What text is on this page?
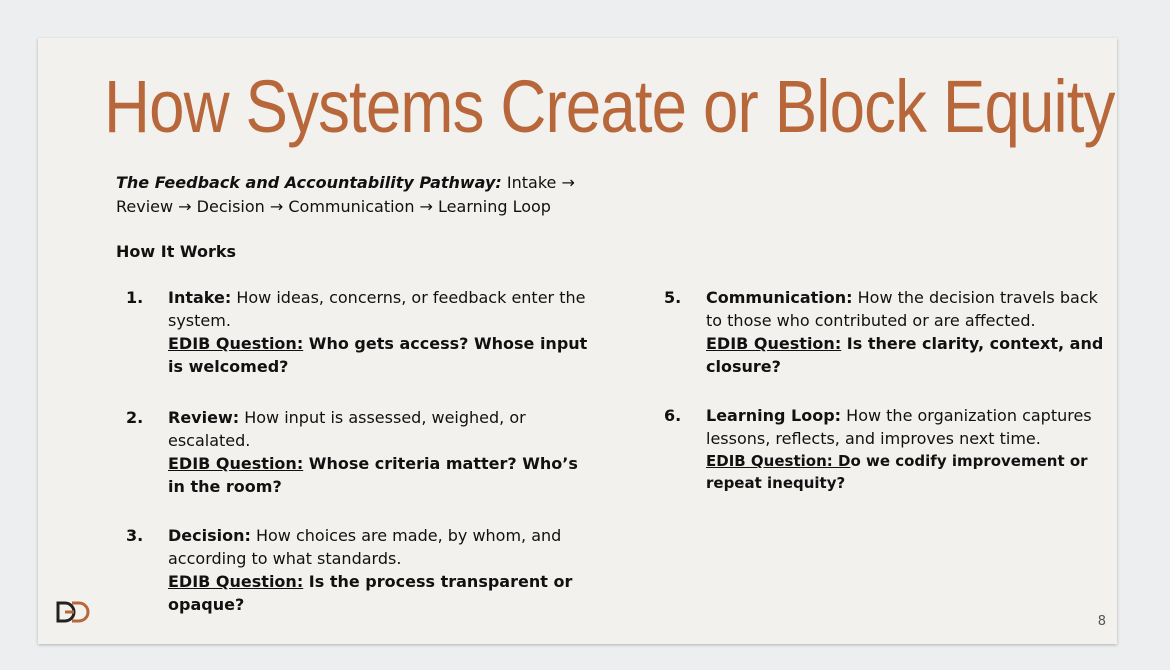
How Systems Create or Block Equity
The Feedback and Accountability Pathway: Intake → Review → Decision → Communication → Learning Loop
How It Works
1. Intake: How ideas, concerns, or feedback enter the system.
EDIB Question: Who gets access? Whose input is welcomed?
2. Review: How input is assessed, weighed, or escalated.
EDIB Question: Whose criteria matter? Who’s in the room?
3. Decision: How choices are made, by whom, and according to what standards.
EDIB Question: Is the process transparent or opaque?
5. Communication: How the decision travels back to those who contributed or are affected.
EDIB Question: Is there clarity, context, and closure?
6. Learning Loop: How the organization captures lessons, reflects, and improves next time.
EDIB Question: Do we codify improvement or repeat inequity?
8
